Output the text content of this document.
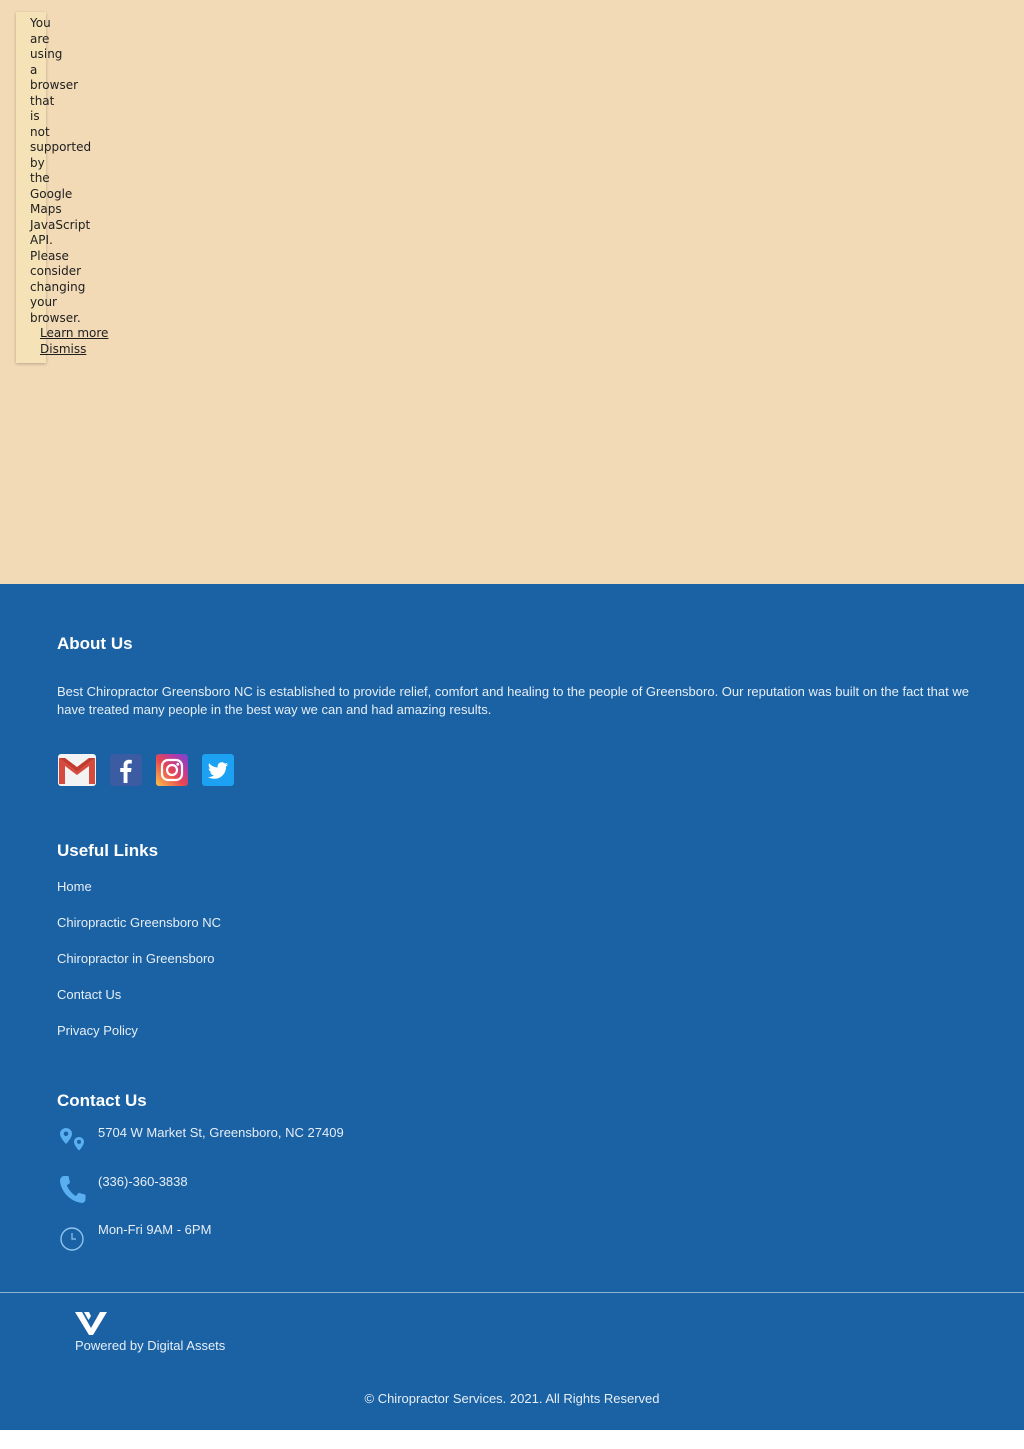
You are using a browser that is not supported by the Google Maps JavaScript API. Please consider changing your browser.
Learn more
Dismiss
About Us

Best Chiropractor Greensboro NC is established to provide relief, comfort and healing to the people of Greensboro. Our reputation was built on the fact that we have treated many people in the best way we can and had amazing results.

Useful Links
Home
Chiropractic Greensboro NC
Chiropractor in Greensboro
Contact Us
Privacy Policy
Contact Us
5704 W Market St, Greensboro, NC 27409
(336)-360-3838
Mon-Fri 9AM - 6PM
Powered by Digital Assets
© Chiropractor Services. 2021. All Rights Reserved
